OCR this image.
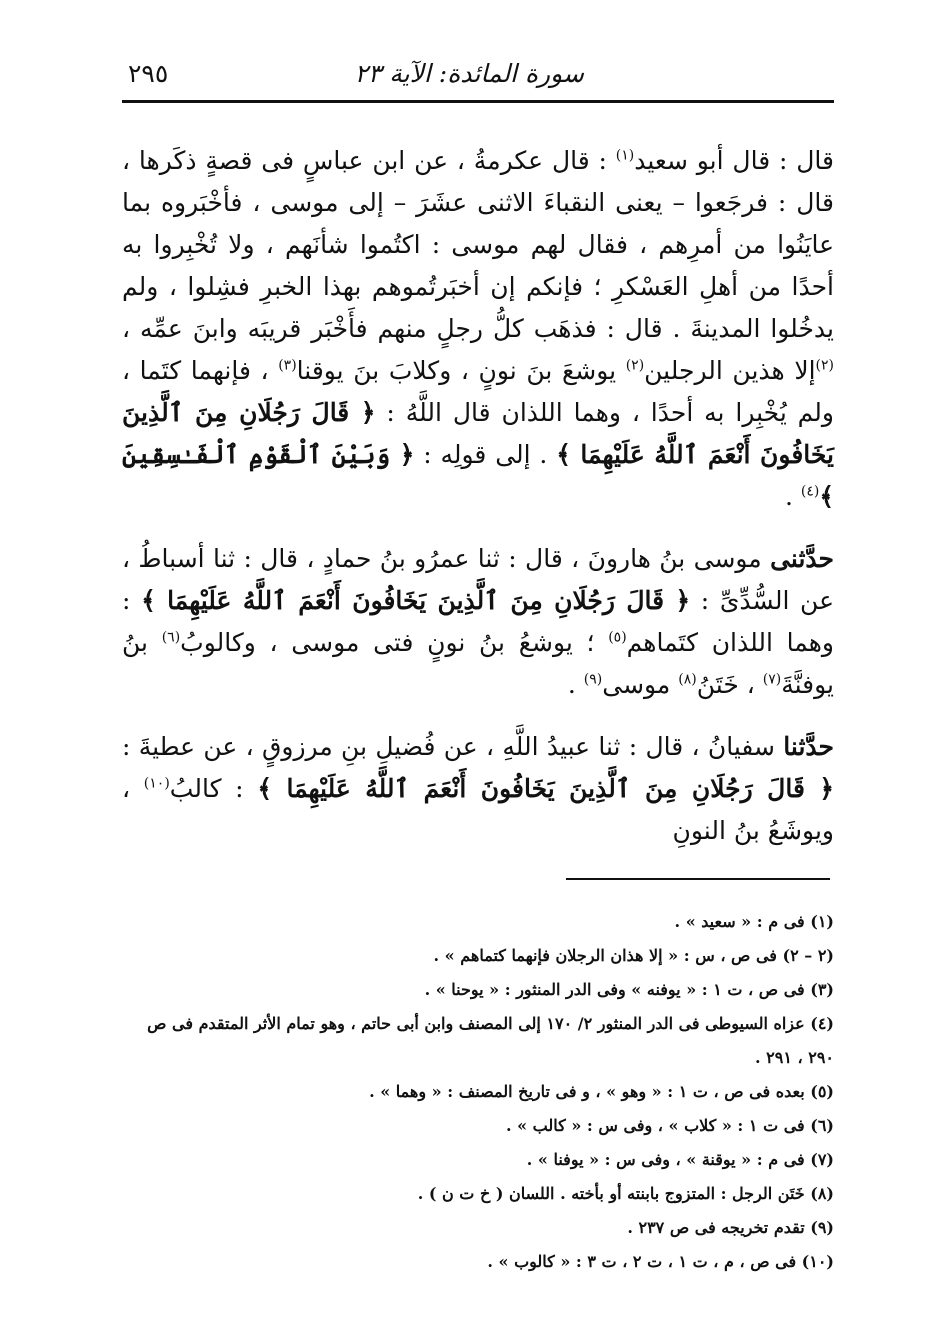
سورة المائدة: الآية ٢٣
٢٩٥

قال : قال أبو سعيد$^{(١)}$ : قال عكرمةُ ، عن ابن عباسٍ فى قصةٍ ذكَرها ، قال : فرجَعوا – يعنى النقباءَ الاثنى عشَرَ – إلى موسى ، فأخْبَروه بما عايَنُوا من أمرِهم ، فقال لهم موسى : اكتُموا شأنَهم ، ولا تُخْبِروا به أحدًا من أهلِ العَسْكرِ ؛ فإنكم إن أخبَرتُموهم بهذا الخبرِ فشِلوا ، ولم يدخُلوا المدينةَ . قال : فذهَب كلُّ رجلٍ منهم فأَخْبَر قريبَه وابنَ عمِّه ، $^{(٢)}$إلا هذين الرجلين$^{(٢)}$ يوشعَ بنَ نونٍ ، وكلابَ بنَ يوقنا$^{(٣)}$ ، فإنهما كتَما ، ولم يُخْبِرا به أحدًا ، وهما اللذان قال اللَّهُ : ﴿ قَالَ رَجُلَانِ مِنَ ٱلَّذِينَ يَخَافُونَ أَنْعَمَ ٱللَّهُ عَلَيْهِمَا ﴾ . إلى قولِه : ﴿ وَبَيْنَ ٱلْقَوْمِ ٱلْفَـٰسِقِينَ ﴾$^{(٤)}$ .

حدَّثنى موسى بنُ هارونَ ، قال : ثنا عمرُو بنُ حمادٍ ، قال : ثنا أسباطُ ، عن السُّدِّىِّ : ﴿ قَالَ رَجُلَانِ مِنَ ٱلَّذِينَ يَخَافُونَ أَنْعَمَ ٱللَّهُ عَلَيْهِمَا ﴾ : وهما اللذان كتَماهم$^{(٥)}$ ؛ يوشعُ بنُ نونٍ فتى موسى ، وكالوبُ$^{(٦)}$ بنُ يوفنَّةَ$^{(٧)}$ ، خَتَنُ$^{(٨)}$ موسى$^{(٩)}$ .

حدَّثنا سفيانُ ، قال : ثنا عبيدُ اللَّهِ ، عن فُضيلِ بنِ مرزوقٍ ، عن عطيةَ : ﴿ قَالَ رَجُلَانِ مِنَ ٱلَّذِينَ يَخَافُونَ أَنْعَمَ ٱللَّهُ عَلَيْهِمَا ﴾ : كالبُ$^{(١٠)}$ ، ويوشَعُ بنُ النونِ

(١) فى م : « سعيد » .
(٢ – ٢) فى ص ، س : « إلا هذان الرجلان فإنهما كتماهم » .
(٣) فى ص ، ت ١ : « يوفنه » وفى الدر المنثور : « يوحنا » .
(٤) عزاه السيوطى فى الدر المنثور ٢/ ١٧٠ إلى المصنف وابن أبى حاتم ، وهو تمام الأثر المتقدم فى ص ٢٩٠ ، ٢٩١ .
(٥) بعده فى ص ، ت ١ : « وهو » ، و فى تاريخ المصنف : « وهما » .
(٦) فى ت ١ : « كلاب » ، وفى س : « كالب » .
(٧) فى م : « يوقنة » ، وفى س : « يوفنا » .
(٨) خَتَن الرجل : المتزوج بابنته أو بأخته . اللسان ( خ ت ن ) .
(٩) تقدم تخريجه فى ص ٢٣٧ .
(١٠) فى ص ، م ، ت ١ ، ت ٢ ، ت ٣ : « كالوب » .
